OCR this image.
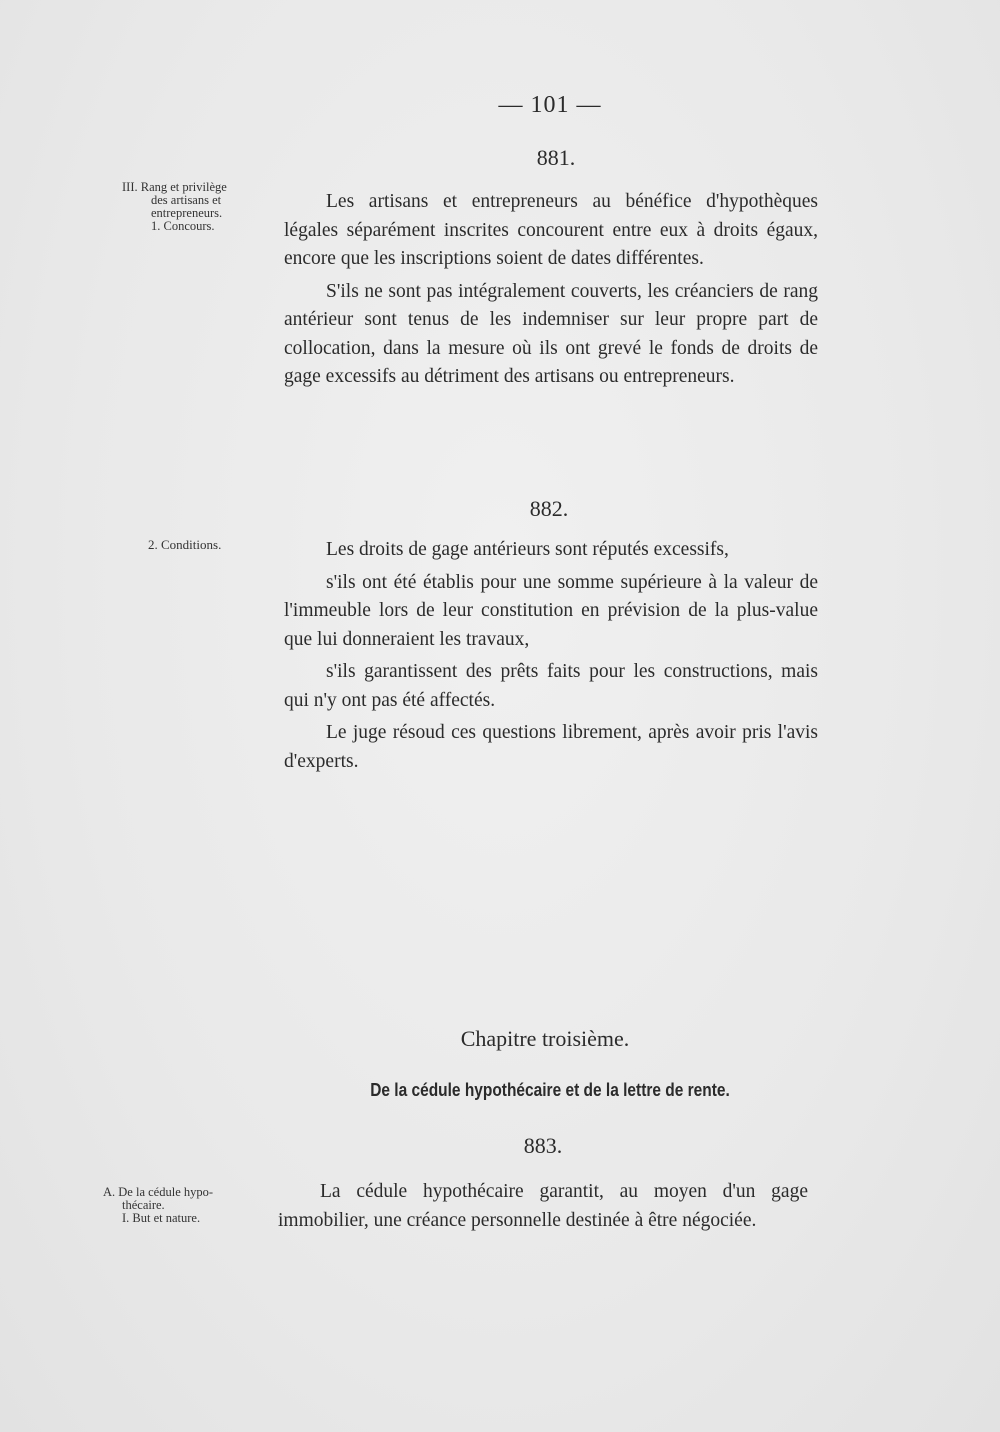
— 101 —
881.
III. Rang et privilège
des artisans et
entrepreneurs.
1. Concours.

Les artisans et entrepreneurs au bénéfice d'hypothèques légales séparément inscrites concourent entre eux à droits égaux, encore que les inscriptions soient de dates différentes.

S'ils ne sont pas intégralement couverts, les créanciers de rang antérieur sont tenus de les indemniser sur leur propre part de collocation, dans la mesure où ils ont grevé le fonds de droits de gage excessifs au détriment des artisans ou entrepreneurs.

882.
2. Conditions.	Les droits de gage antérieurs sont réputés excessifs,

s'ils ont été établis pour une somme supérieure à la valeur de l'immeuble lors de leur constitution en prévision de la plus-value que lui donneraient les travaux,

s'ils garantissent des prêts faits pour les constructions, mais qui n'y ont pas été affectés.

Le juge résoud ces questions librement, après avoir pris l'avis d'experts.

Chapitre troisième.
De la cédule hypothécaire et de la lettre de rente.
883.
A. De la cédule hypo-
thécaire.
I. But et nature.

La cédule hypothécaire garantit, au moyen d'un gage immobilier, une créance personnelle destinée à être négociée.
